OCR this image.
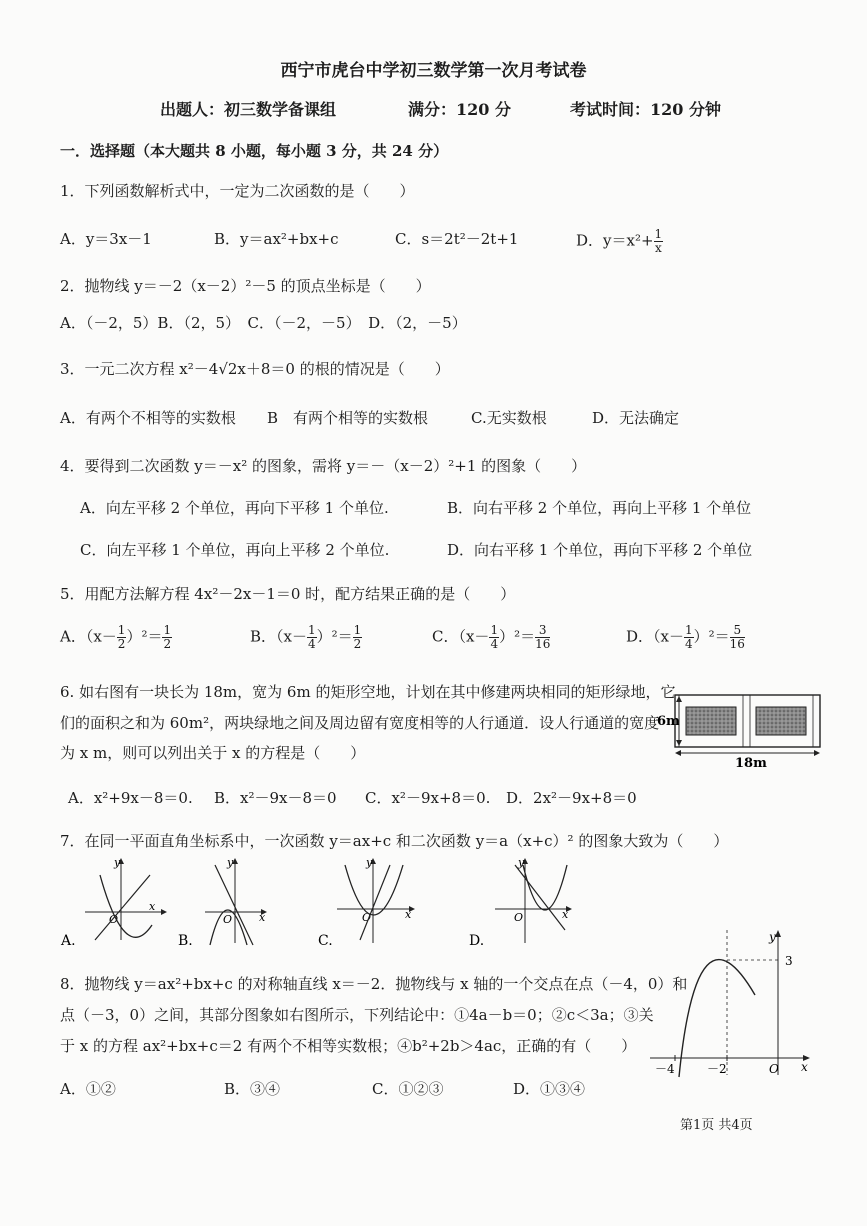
西宁市虎台中学初三数学第一次月考试卷
出题人：初三数学备课组	满分：120 分	考试时间：120 分钟
一．选择题（本大题共 8 小题，每小题 3 分，共 24 分）
1．下列函数解析式中，一定为二次函数的是（　　）
A．y＝3x－1	B．y＝ax²+bx+c	C．s＝2t²－2t+1	D．$y=x^2+ \frac{1}{x}$
2．抛物线 y＝－2（x－2）²－5 的顶点坐标是（　　）
A．（－2，5）B．（2，5）　C．（－2，－5）　D．（2，－5）
3．一元二次方程 x²－4√2x＋8＝0 的根的情况是（　　）
A．有两个不相等的实数根 B　有两个相等的实数根	C.无实数根	D．无法确定
4．要得到二次函数 y＝－x² 的图象，需将 y＝－（x－2）²+1 的图象（　　）
A．向左平移 2 个单位，再向下平移 1 个单位.	B．向右平移 2 个单位，再向上平移 1 个单位
C．向左平移 1 个单位，再向上平移 2 个单位.	D．向右平移 1 个单位，再向下平移 2 个单位
5．用配方法解方程 4x²－2x－1＝0 时，配方结果正确的是（　　）
A．$(x- \frac{1}{2} )^2= \frac{1}{2}$	B．$(x- \frac{1}{4} )^2= \frac{1}{2}$	C．$(x- \frac{1}{4} )^2= \frac{3}{16}$	D．$(x- \frac{1}{4} )^2= \frac{5}{16}$
6. 如右图有一块长为 18m，宽为 6m 的矩形空地，计划在其中修建两块相同的矩形绿地，它
们的面积之和为 60m²，两块绿地之间及周边留有宽度相等的人行通道．设人行通道的宽度
为 x m，则可以列出关于 x 的方程是（　　）
A．x²+9x－8＝0. B．x²－9x－8＝0 C．x²－9x+8＝0. D．2x²－9x+8＝0
6m
18m
7．在同一平面直角坐标系中，一次函数 y＝ax+c 和二次函数 y＝a（x+c）² 的图象大致为（　　）
y
x
O
A.
y
x
O
B.
y
x
O
C.
y
x
O
D.
8．抛物线 y＝ax²+bx+c 的对称轴直线 x＝－2．抛物线与 x 轴的一个交点在点（－4，0）和
点（－3，0）之间，其部分图象如右图所示，下列结论中：①4a－b＝0；②c＜3a；③关
于 x 的方程 ax²+bx+c＝2 有两个不相等实数根；④b²+2b＞4ac，正确的有（　　）
A．①②	B．③④	C．①②③	D．①③④
y
x
3
－4	－2	O
第1页 共4页
